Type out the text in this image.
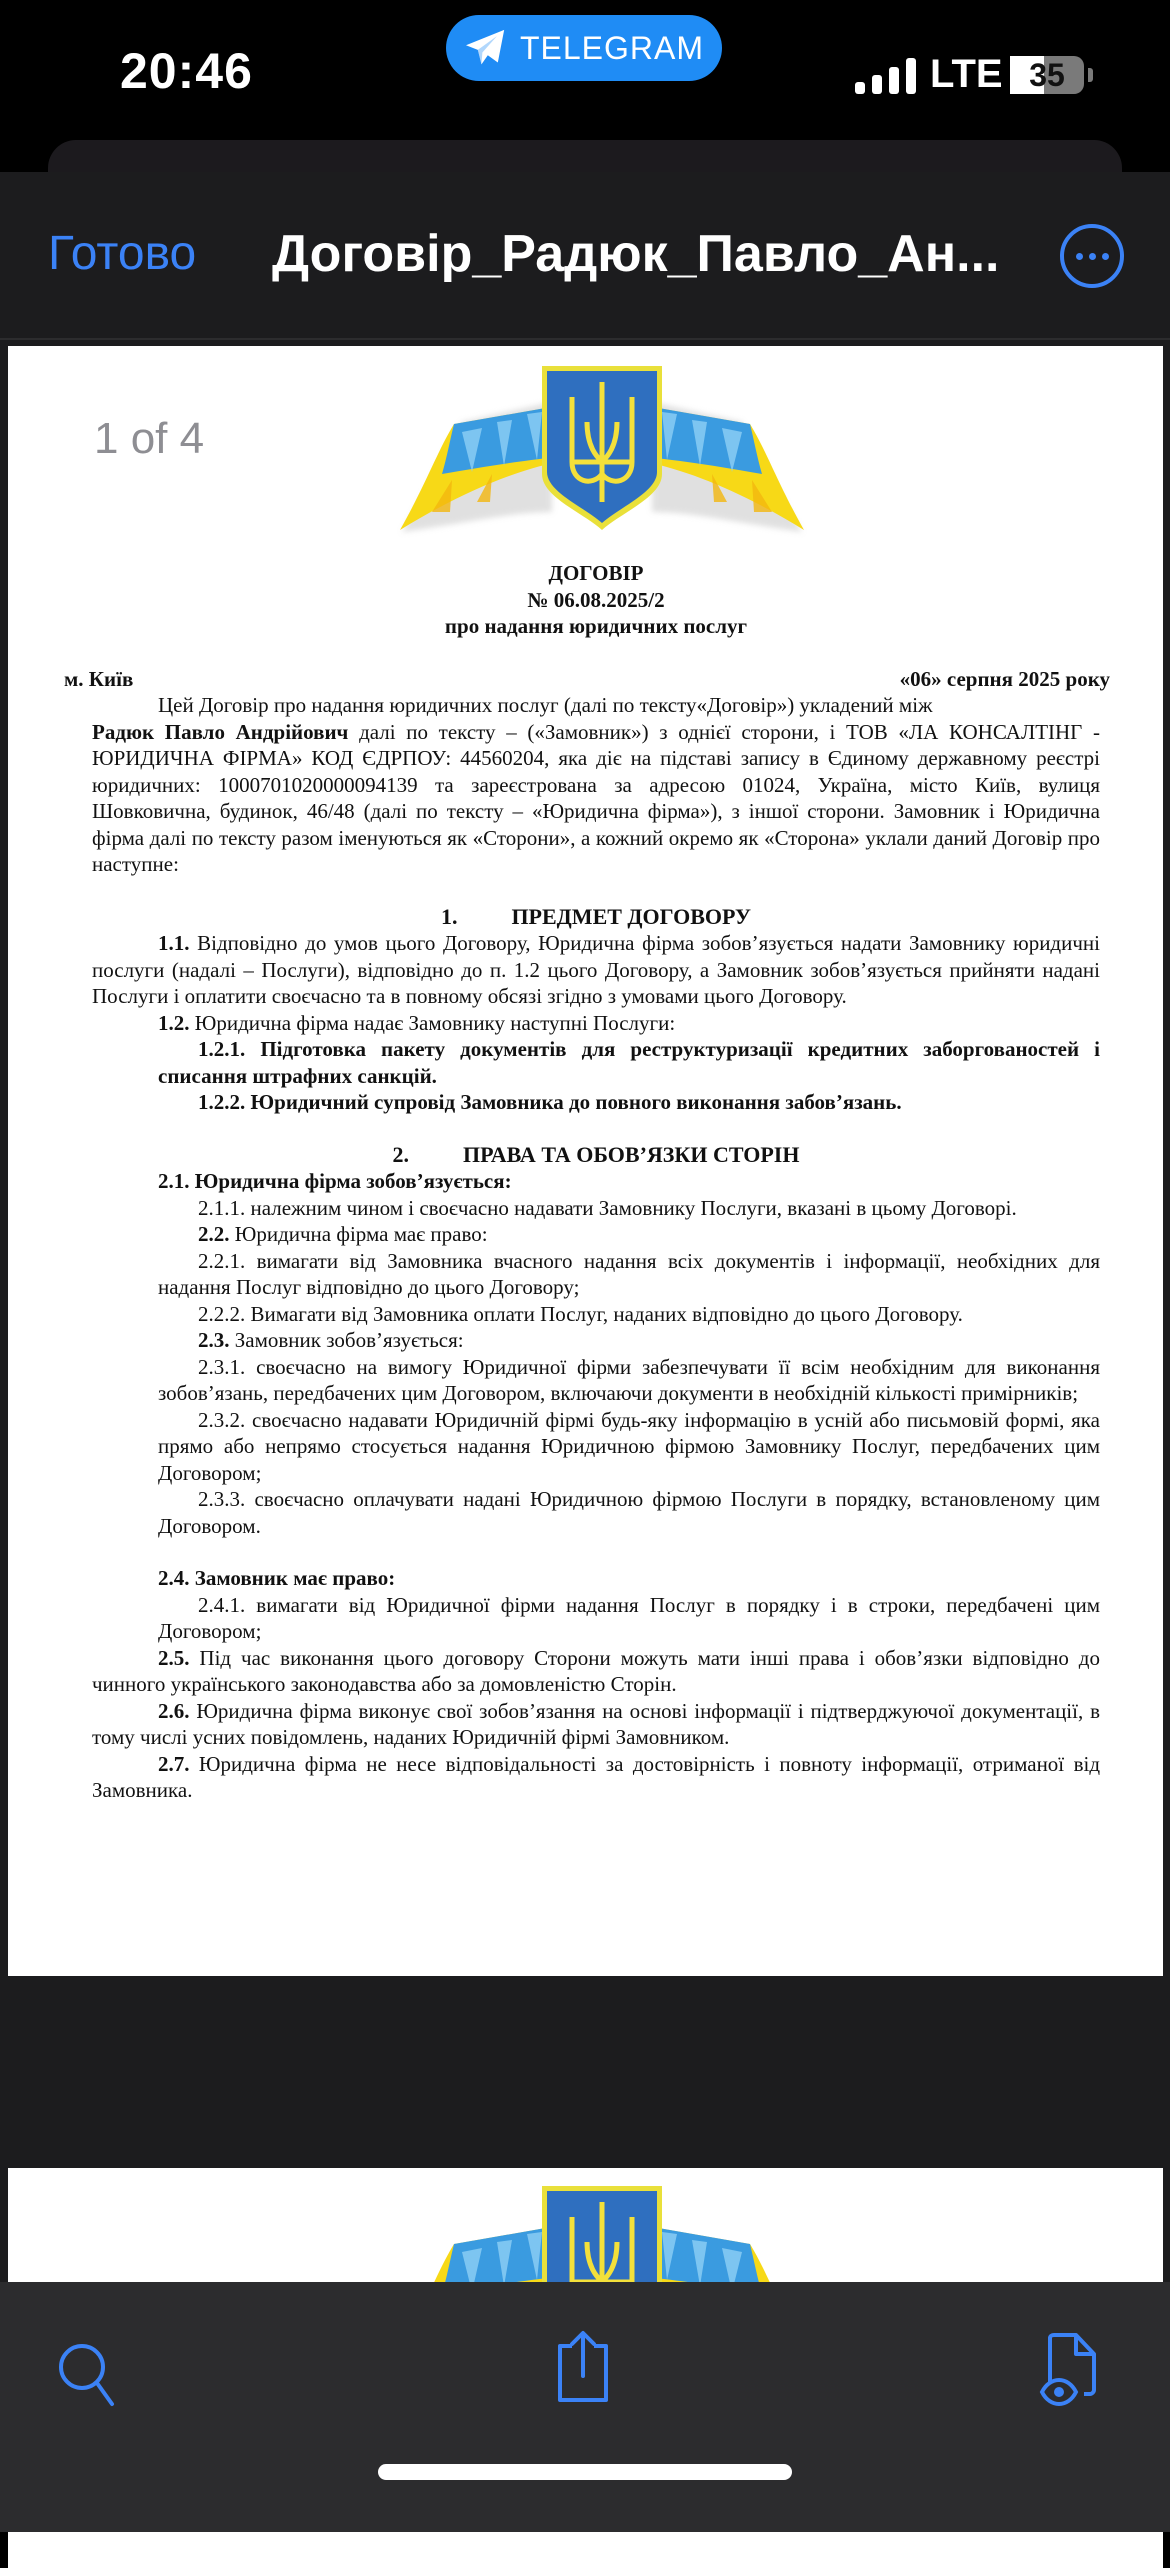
20:46	TELEGRAM
LTE 35
Готово Договір_Радюк_Павло_Ан...
1 of 4

ДОГОВІР

№ 06.08.2025/2

про надання юридичних послуг

м. Київ	«06» серпня 2025 року

Цей Договір про надання юридичних послуг (далі по тексту«Договір») укладений між
Радюк Павло Андрійович далі по тексту – («Замовник») з однієї сторони, і ТОВ «ЛА КОНСАЛТІНГ - ЮРИДИЧНА ФІРМА» КОД ЄДРПОУ: 44560204, яка діє на підставі запису в Єдиному державному реєстрі юридичних: 1000701020000094139 та зареєстрована за адресою 01024, Україна, місто Київ, вулиця Шовковична, будинок, 46/48 (далі по тексту – «Юридична фірма»), з іншої сторони. Замовник і Юридична фірма далі по тексту разом іменуються як «Сторони», а кожний окремо як «Сторона» уклали даний Договір про наступне:

1. ПРЕДМЕТ ДОГОВОРУ

1.1. Відповідно до умов цього Договору, Юридична фірма зобов’язується надати Замовнику юридичні послуги (надалі – Послуги), відповідно до п. 1.2 цього Договору, а Замовник зобов’язується прийняти надані Послуги і оплатити своєчасно та в повному обсязі згідно з умовами цього Договору.

1.2. Юридична фірма надає Замовнику наступні Послуги:

1.2.1. Підготовка пакету документів для реструктуризації кредитних заборгованостей і списання штрафних санкцій.

1.2.2. Юридичний супровід Замовника до повного виконання забов’язань.

2. ПРАВА ТА ОБОВ’ЯЗКИ СТОРІН

2.1. Юридична фірма зобов’язується:

2.1.1. належним чином і своєчасно надавати Замовнику Послуги, вказані в цьому Договорі.

2.2. Юридична фірма має право:

2.2.1. вимагати від Замовника вчасного надання всіх документів і інформації, необхідних для надання Послуг відповідно до цього Договору;

2.2.2. Вимагати від Замовника оплати Послуг, наданих відповідно до цього Договору.

2.3. Замовник зобов’язується:

2.3.1. своєчасно на вимогу Юридичної фірми забезпечувати її всім необхідним для виконання зобов’язань, передбачених цим Договором, включаючи документи в необхідній кількості примірників;

2.3.2. своєчасно надавати Юридичній фірмі будь-яку інформацію в усній або письмовій формі, яка прямо або непрямо стосується надання Юридичною фірмою Замовнику Послуг, передбачених цим Договором;

2.3.3. своєчасно оплачувати надані Юридичною фірмою Послуги в порядку, встановленому цим Договором.

2.4. Замовник має право:

2.4.1. вимагати від Юридичної фірми надання Послуг в порядку і в строки, передбачені цим Договором;

2.5. Під час виконання цього договору Сторони можуть мати інші права і обов’язки відповідно до чинного українського законодавства або за домовленістю Сторін.

2.6. Юридична фірма виконує свої зобов’язання на основі інформації і підтверджуючої документації, в тому числі усних повідомлень, наданих Юридичній фірмі Замовником.

2.7. Юридична фірма не несе відповідальності за достовірність і повноту інформації, отриманої від Замовника.
